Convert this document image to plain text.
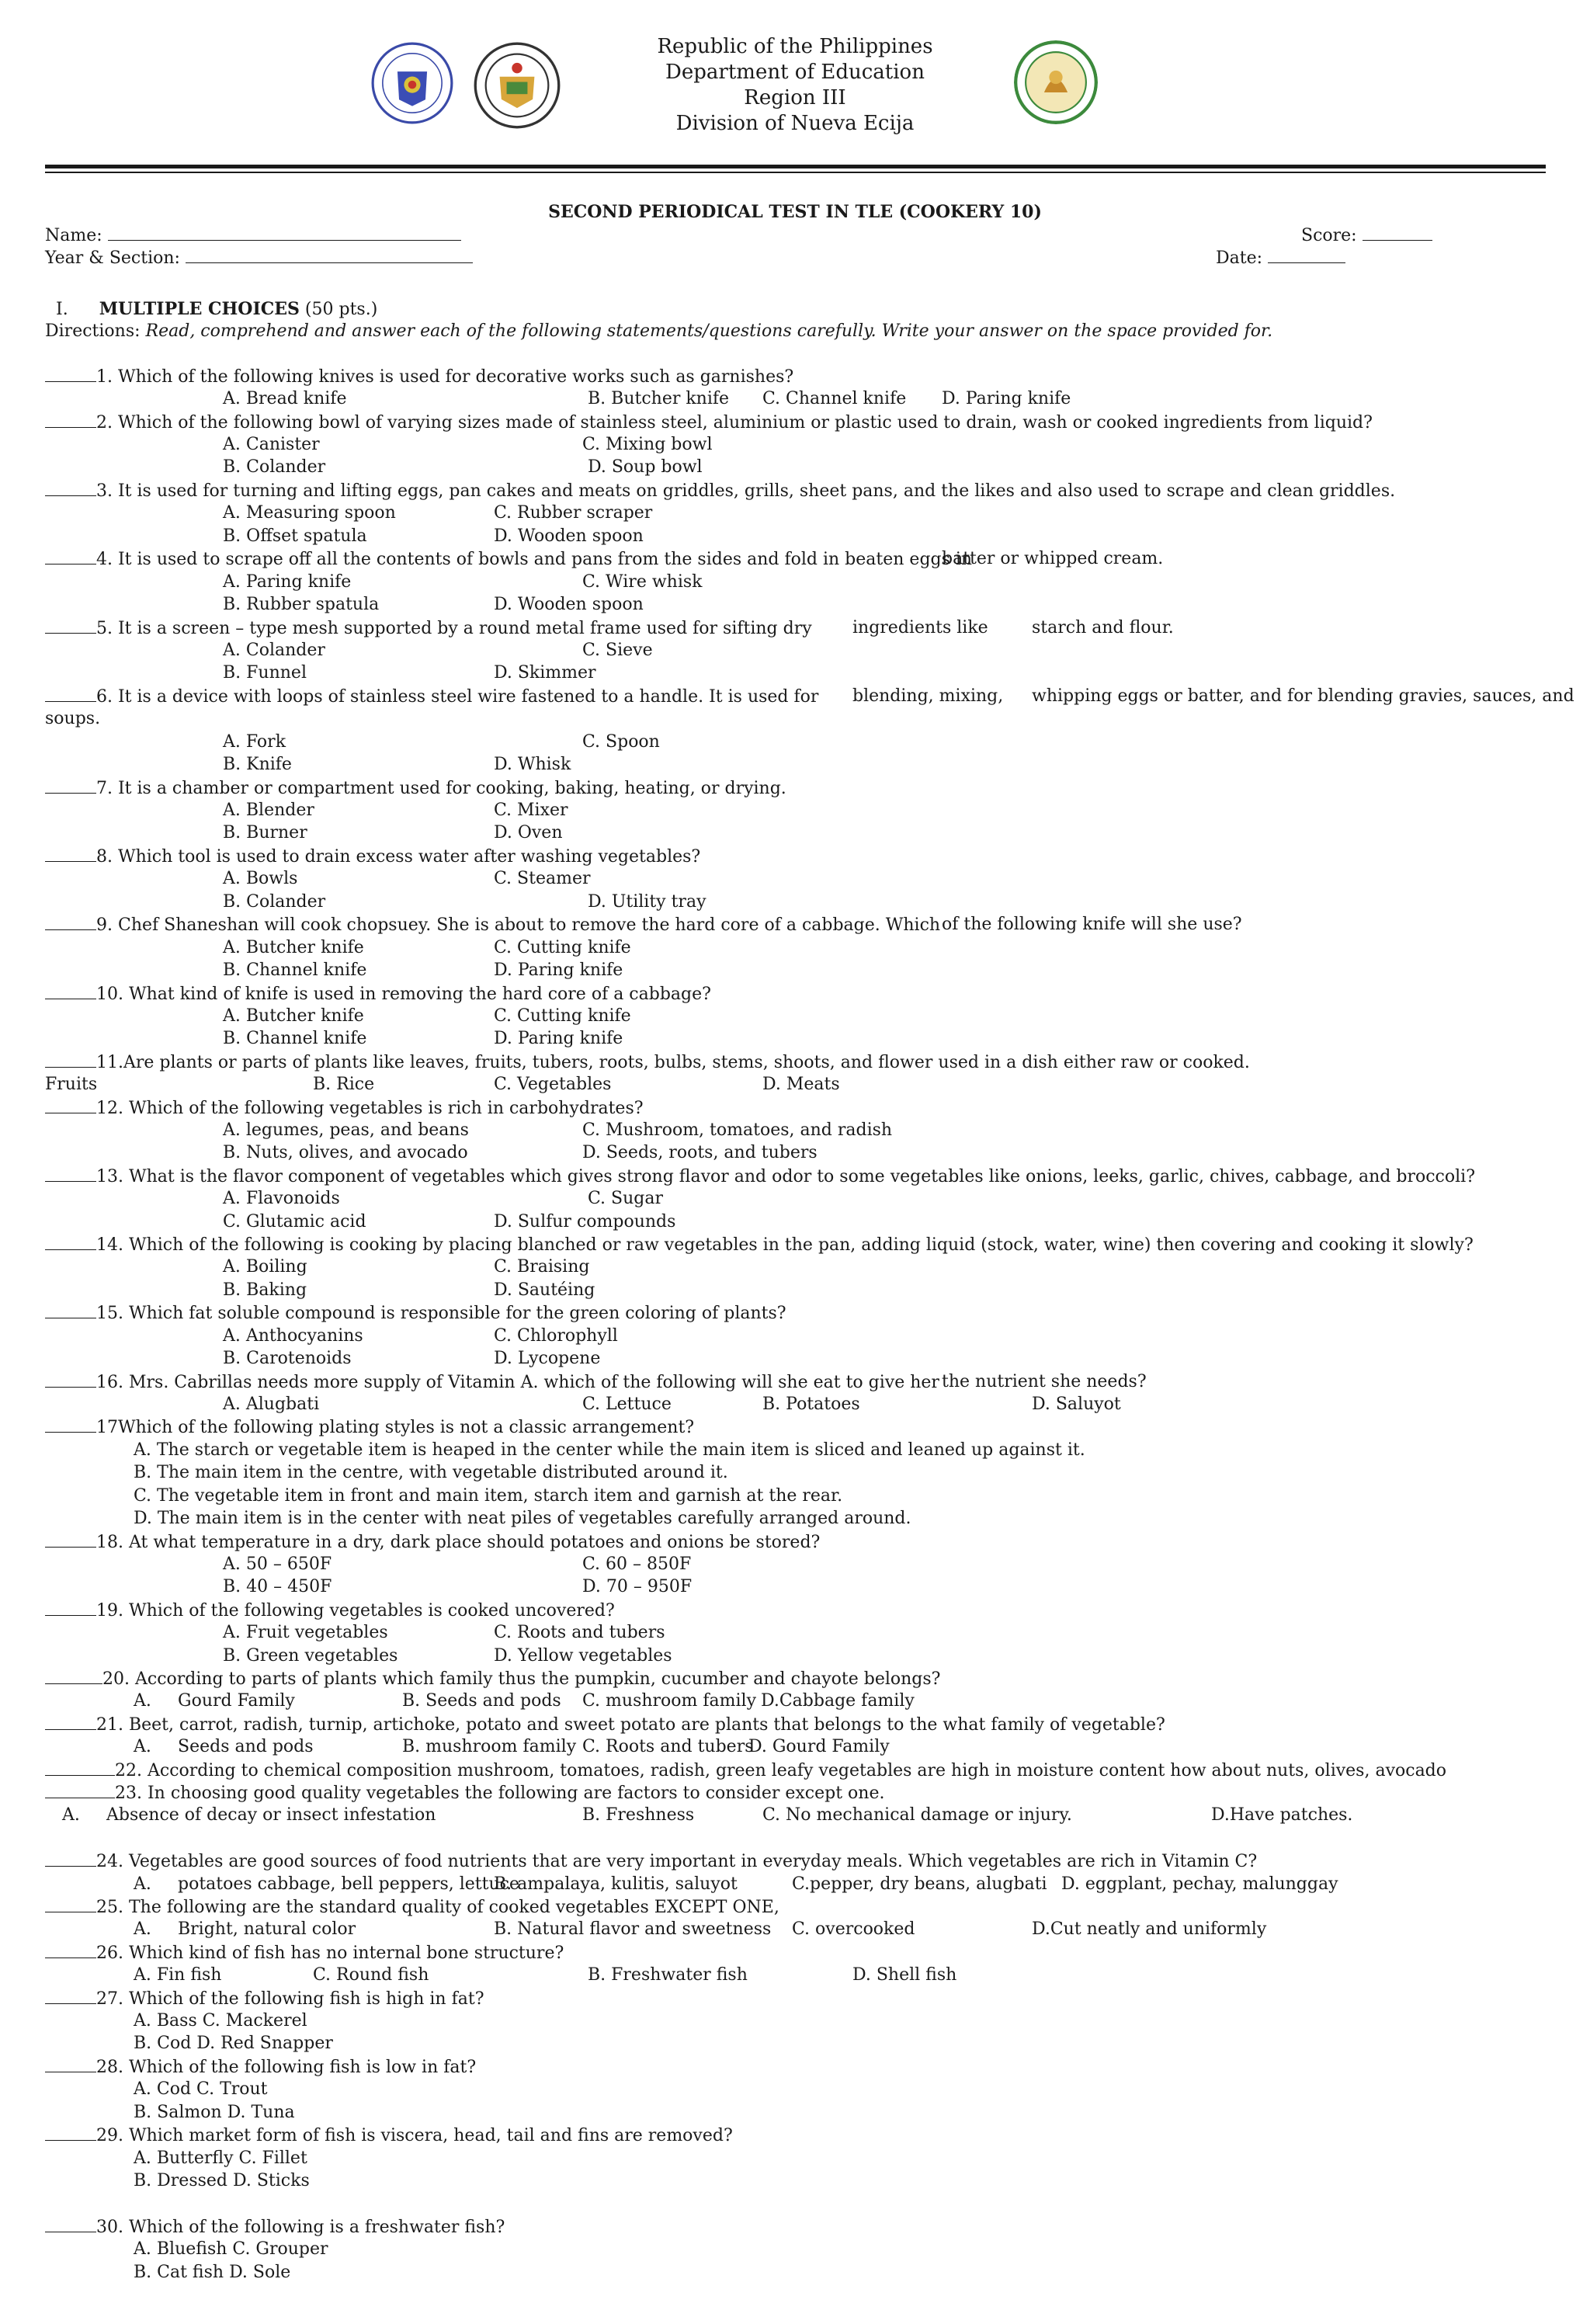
Republic of the Philippines
Department of Education
Region III
Division of Nueva Ecija
SECOND PERIODICAL TEST IN TLE (COOKERY 10)
Name:
Year & Section:
Score:
Date:
I. MULTIPLE CHOICES (50 pts.)
Directions: Read, comprehend and answer each of the following statements/questions carefully. Write your answer on the space provided for.
1. Which of the following knives is used for decorative works such as garnishes?
A. Bread knife	B. Butcher knife C. Channel knife D. Paring knife
2. Which of the following bowl of varying sizes made of stainless steel, aluminium or plastic used to drain, wash or cooked ingredients from liquid?
A. Canister	C. Mixing bowl
B. Colander	D. Soup bowl
3. It is used for turning and lifting eggs, pan cakes and meats on griddles, grills, sheet pans, and the likes and also used to scrape and clean griddles.
A. Measuring spoon	C. Rubber scraper
B. Offset spatula	D. Wooden spoon
4. It is used to scrape off all the contents of bowls and pans from the sides and fold in beaten eggs in
batter or whipped cream.
A. Paring knife	C. Wire whisk
B. Rubber spatula	D. Wooden spoon
5. It is a screen – type mesh supported by a round metal frame used for sifting dry ingredients like	starch and flour.
A. Colander	C. Sieve
B. Funnel	D. Skimmer
6. It is a device with loops of stainless steel wire fastened to a handle. It is used for blending, mixing, whipping eggs or batter, and for blending gravies, sauces, and
soups.
A. Fork	C. Spoon
B. Knife	D. Whisk
7. It is a chamber or compartment used for cooking, baking, heating, or drying.
A. Blender	C. Mixer
B. Burner	D. Oven
8. Which tool is used to drain excess water after washing vegetables?
A. Bowls	C. Steamer
B. Colander	D. Utility tray
9. Chef Shaneshan will cook chopsuey. She is about to remove the hard core of a cabbage. Which of the following knife will she use?
A. Butcher knife	C. Cutting knife
B. Channel knife	D. Paring knife
10. What kind of knife is used in removing the hard core of a cabbage?
A. Butcher knife	C. Cutting knife
B. Channel knife	D. Paring knife
11.Are plants or parts of plants like leaves, fruits, tubers, roots, bulbs, stems, shoots, and flower used in a dish either raw or cooked.
Fruits	B. Rice	C. Vegetables	D. Meats
12. Which of the following vegetables is rich in carbohydrates?
A. legumes, peas, and beans	C. Mushroom, tomatoes, and radish
B. Nuts, olives, and avocado	D. Seeds, roots, and tubers
13. What is the flavor component of vegetables which gives strong flavor and odor to some vegetables like onions, leeks, garlic, chives, cabbage, and broccoli?
A. Flavonoids	C. Sugar
C. Glutamic acid	D. Sulfur compounds
14. Which of the following is cooking by placing blanched or raw vegetables in the pan, adding liquid (stock, water, wine) then covering and cooking it slowly?
A. Boiling	C. Braising
B. Baking	D. Sautéing
15. Which fat soluble compound is responsible for the green coloring of plants?
A. Anthocyanins	C. Chlorophyll
B. Carotenoids	D. Lycopene
16. Mrs. Cabrillas needs more supply of Vitamin A. which of the following will she eat to give her the nutrient she needs?
A. Alugbati	C. Lettuce	B. Potatoes	D. Saluyot
17Which of the following plating styles is not a classic arrangement?
A. The starch or vegetable item is heaped in the center while the main item is sliced and leaned up against it.
B. The main item in the centre, with vegetable distributed around it.
C. The vegetable item in front and main item, starch item and garnish at the rear.
D. The main item is in the center with neat piles of vegetables carefully arranged around.
18. At what temperature in a dry, dark place should potatoes and onions be stored?
A. 50 – 650F	C. 60 – 850F
B. 40 – 450F	D. 70 – 950F
19. Which of the following vegetables is cooked uncovered?
A. Fruit vegetables	C. Roots and tubers
B. Green vegetables	D. Yellow vegetables
20. According to parts of plants which family thus the pumpkin, cucumber and chayote belongs?
A. Gourd Family	B. Seeds and pods C. mushroom family D.Cabbage family
21. Beet, carrot, radish, turnip, artichoke, potato and sweet potato are plants that belongs to the what family of vegetable?
A. Seeds and pods	B. mushroom family C. Roots and tubers
D. Gourd Family
22. According to chemical composition mushroom, tomatoes, radish, green leafy vegetables are high in moisture content how about nuts, olives, avocado
23. In choosing good quality vegetables the following are factors to consider except one.
A. Absence of decay or insect infestation	B. Freshness	C. No mechanical damage or injury.	D.Have patches.
24. Vegetables are good sources of food nutrients that are very important in everyday meals. Which vegetables are rich in Vitamin C?
A. potatoes cabbage, bell peppers, lettuce
B. ampalaya, kulitis, saluyot	C.pepper, dry beans, alugbati D. eggplant, pechay, malunggay
25. The following are the standard quality of cooked vegetables EXCEPT ONE,
A. Bright, natural color	B. Natural flavor and sweetness C. overcooked	D.Cut neatly and uniformly
26. Which kind of fish has no internal bone structure?
A. Fin fish	C. Round fish	B. Freshwater fish	D. Shell fish
27. Which of the following fish is high in fat?
A. Bass C. Mackerel
B. Cod D. Red Snapper
28. Which of the following fish is low in fat?
A. Cod C. Trout
B. Salmon D. Tuna
29. Which market form of fish is viscera, head, tail and fins are removed?
A. Butterfly C. Fillet
B. Dressed D. Sticks
30. Which of the following is a freshwater fish?
A. Bluefish C. Grouper
B. Cat fish D. Sole
